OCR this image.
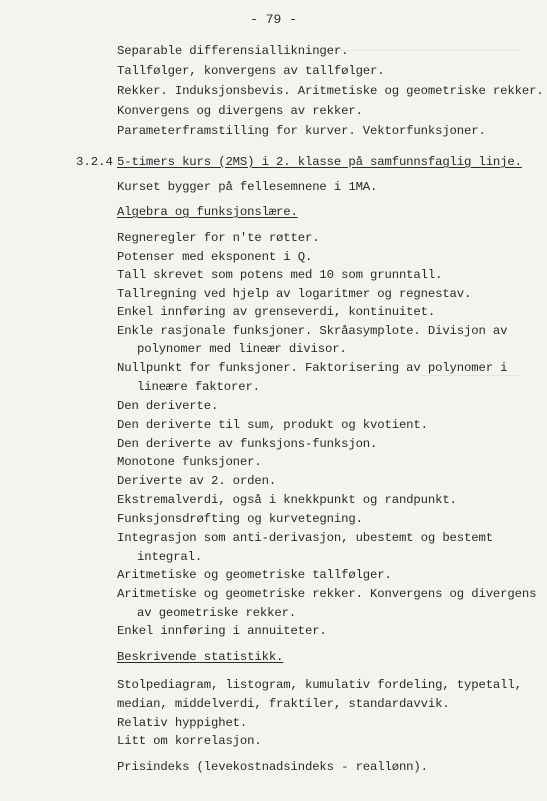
- 79 -
Separable differensiallikninger.
Tallfølger, konvergens av tallfølger.
Rekker. Induksjonsbevis. Aritmetiske og geometriske rekker.
Konvergens og divergens av rekker.
Parameterframstilling for kurver. Vektorfunksjoner.
3.2.4 5-timers kurs (2MS) i 2. klasse på samfunnsfaglig linje.
Kurset bygger på fellesemnene i 1MA.
Algebra og funksjonslære.
Regneregler for n'te røtter.
Potenser med eksponent i Q.
Tall skrevet som potens med 10 som grunntall.
Tallregning ved hjelp av logaritmer og regnestav.
Enkel innføring av grenseverdi, kontinuitet.
Enkle rasjonale funksjoner. Skråasymplote. Divisjon av
polynomer med lineær divisor.
Nullpunkt for funksjoner. Faktorisering av polynomer i
lineære faktorer.
Den deriverte.
Den deriverte til sum, produkt og kvotient.
Den deriverte av funksjons-funksjon.
Monotone funksjoner.
Deriverte av 2. orden.
Ekstremalverdi, også i knekkpunkt og randpunkt.
Funksjonsdrøfting og kurvetegning.
Integrasjon som anti-derivasjon, ubestemt og bestemt
integral.
Aritmetiske og geometriske tallfølger.
Aritmetiske og geometriske rekker. Konvergens og divergens
av geometriske rekker.
Enkel innføring i annuiteter.
Beskrivende statistikk.
Stolpediagram, listogram, kumulativ fordeling, typetall,
median, middelverdi, fraktiler, standardavvik.
Relativ hyppighet.
Litt om korrelasjon.
Prisindeks (levekostnadsindeks - reallønn).
